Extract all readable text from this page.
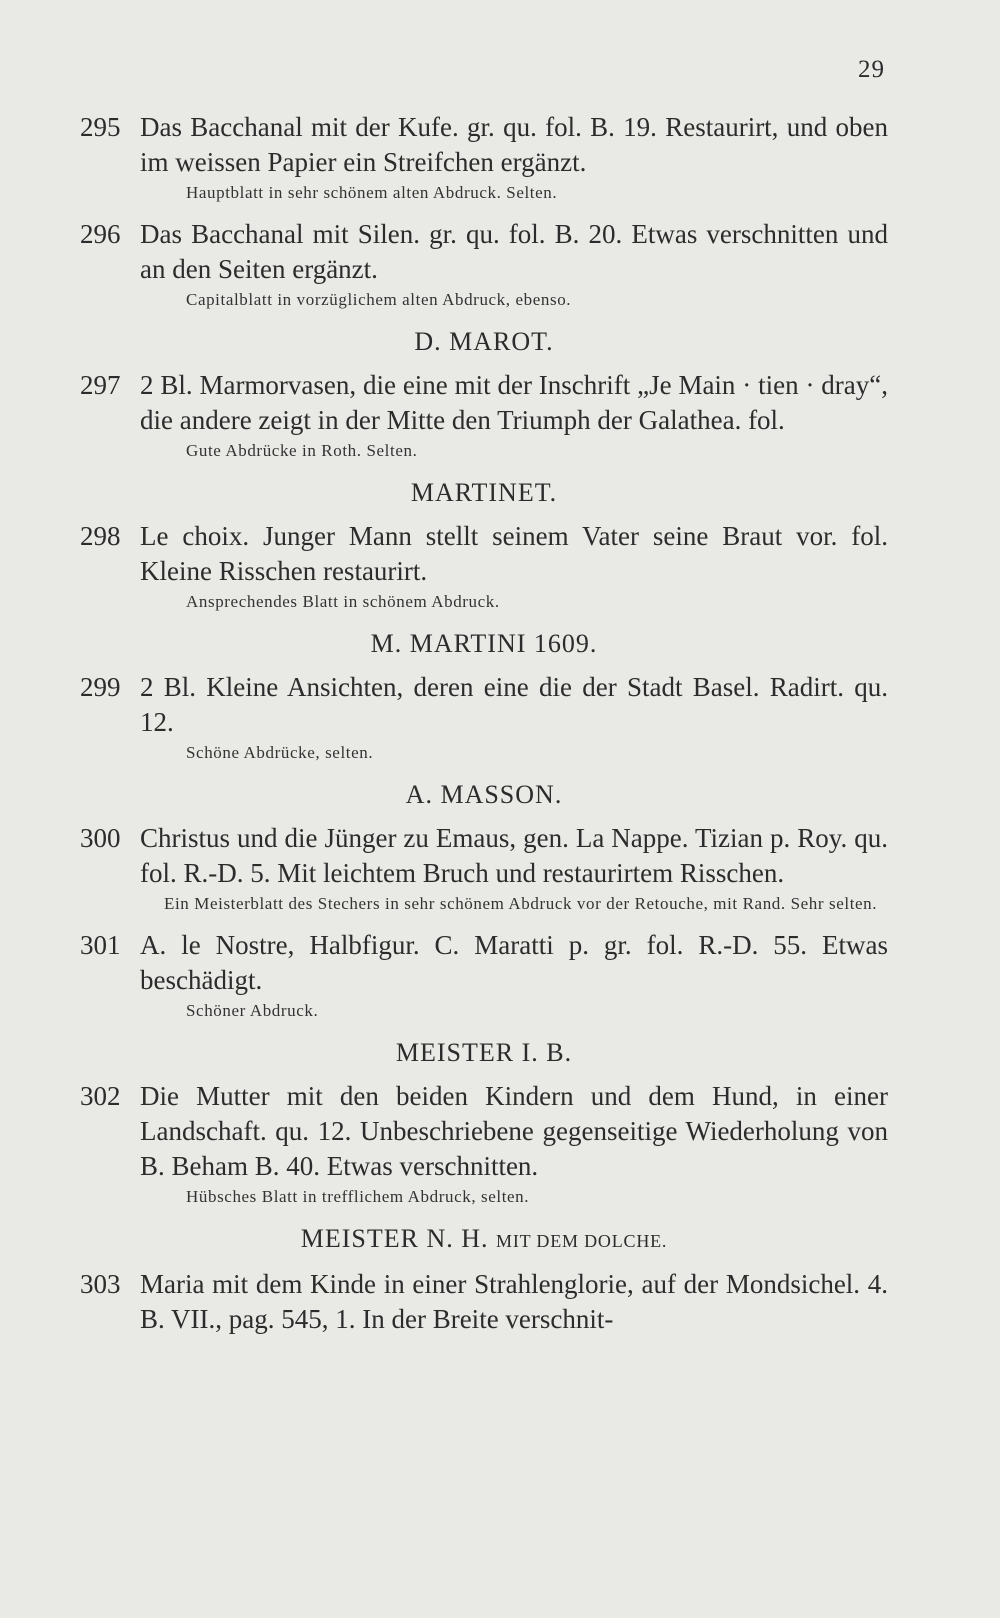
29
295 Das Bacchanal mit der Kufe. gr. qu. fol. B. 19. Restaurirt, und oben im weissen Papier ein Streifchen ergänzt.
Hauptblatt in sehr schönem alten Abdruck. Selten.
296 Das Bacchanal mit Silen. gr. qu. fol. B. 20. Etwas verschnitten und an den Seiten ergänzt.
Capitalblatt in vorzüglichem alten Abdruck, ebenso.
D. MAROT.
297 2 Bl. Marmorvasen, die eine mit der Inschrift „Je Main · tien · dray“, die andere zeigt in der Mitte den Triumph der Galathea. fol.
Gute Abdrücke in Roth. Selten.
MARTINET.
298 Le choix. Junger Mann stellt seinem Vater seine Braut vor. fol. Kleine Risschen restaurirt.
Ansprechendes Blatt in schönem Abdruck.
M. MARTINI 1609.
299 2 Bl. Kleine Ansichten, deren eine die der Stadt Basel. Radirt. qu. 12.
Schöne Abdrücke, selten.
A. MASSON.
300 Christus und die Jünger zu Emaus, gen. La Nappe. Tizian p. Roy. qu. fol. R.-D. 5. Mit leichtem Bruch und restaurirtem Risschen.
Ein Meisterblatt des Stechers in sehr schönem Abdruck vor der Retouche, mit Rand. Sehr selten.
301 A. le Nostre, Halbfigur. C. Maratti p. gr. fol. R.-D. 55. Etwas beschädigt.
Schöner Abdruck.
MEISTER I. B.
302 Die Mutter mit den beiden Kindern und dem Hund, in einer Landschaft. qu. 12. Unbeschriebene gegenseitige Wiederholung von B. Beham B. 40. Etwas verschnitten.
Hübsches Blatt in trefflichem Abdruck, selten.
MEISTER N. H. MIT DEM DOLCHE.
303 Maria mit dem Kinde in einer Strahlenglorie, auf der Mondsichel. 4. B. VII., pag. 545, 1. In der Breite verschnit-
